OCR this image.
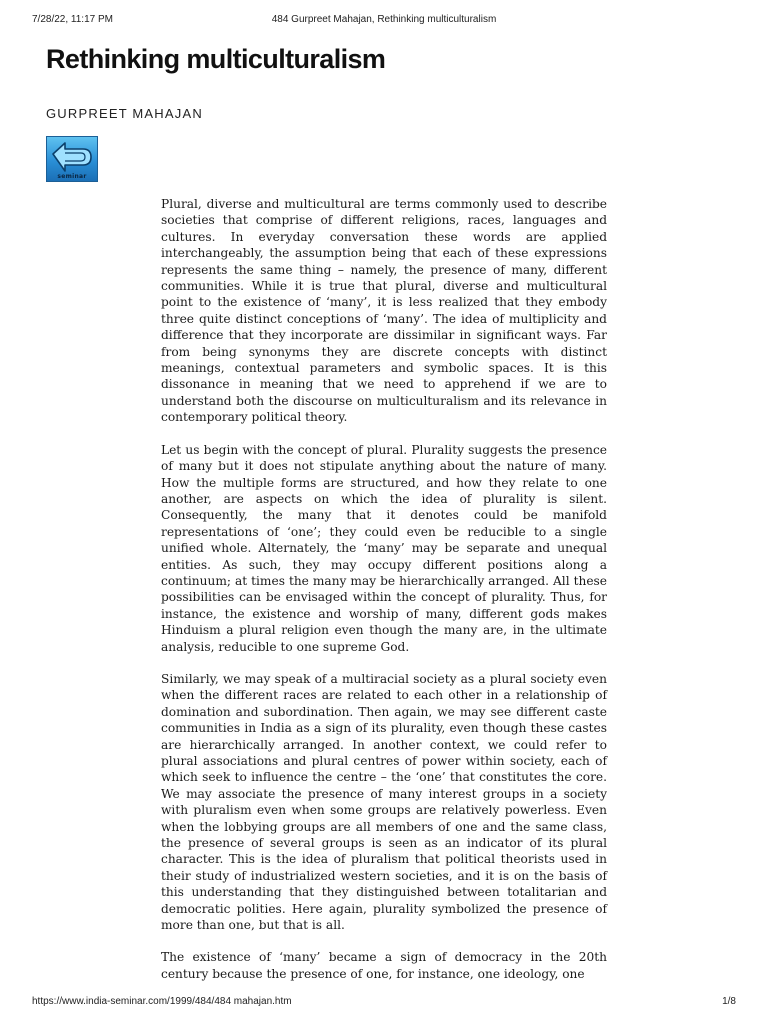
7/28/22, 11:17 PM	484 Gurpreet Mahajan, Rethinking multiculturalism
Rethinking multiculturalism
GURPREET MAHAJAN
seminar

Plural, diverse and multicultural are terms commonly used to describe societies that comprise of different religions, races, languages and cultures. In everyday conversation these words are applied interchangeably, the assumption being that each of these expressions represents the same thing – namely, the presence of many, different communities. While it is true that plural, diverse and multicultural point to the existence of ‘many’, it is less realized that they embody three quite distinct conceptions of ‘many’. The idea of multiplicity and difference that they incorporate are dissimilar in significant ways. Far from being synonyms they are discrete concepts with distinct meanings, contextual parameters and symbolic spaces. It is this dissonance in meaning that we need to apprehend if we are to understand both the discourse on multiculturalism and its relevance in contemporary political theory.

Let us begin with the concept of plural. Plurality suggests the presence of many but it does not stipulate anything about the nature of many. How the multiple forms are structured, and how they relate to one another, are aspects on which the idea of plurality is silent. Consequently, the many that it denotes could be manifold representations of ‘one’; they could even be reducible to a single unified whole. Alternately, the ‘many’ may be separate and unequal entities. As such, they may occupy different positions along a continuum; at times the many may be hierarchically arranged. All these possibilities can be envisaged within the concept of plurality. Thus, for instance, the existence and worship of many, different gods makes Hinduism a plural religion even though the many are, in the ultimate analysis, reducible to one supreme God.

Similarly, we may speak of a multiracial society as a plural society even when the different races are related to each other in a relationship of domination and subordination. Then again, we may see different caste communities in India as a sign of its plurality, even though these castes are hierarchically arranged. In another context, we could refer to plural associations and plural centres of power within society, each of which seek to influence the centre – the ‘one’ that constitutes the core. We may associate the presence of many interest groups in a society with pluralism even when some groups are relatively powerless. Even when the lobbying groups are all members of one and the same class, the presence of several groups is seen as an indicator of its plural character. This is the idea of pluralism that political theorists used in their study of industrialized western societies, and it is on the basis of this understanding that they distinguished between totalitarian and democratic polities. Here again, plurality symbolized the presence of more than one, but that is all.

The existence of ‘many’ became a sign of democracy in the 20th century because the presence of one, for instance, one ideology, one

https://www.india-seminar.com/1999/484/484 mahajan.htm	1/8
